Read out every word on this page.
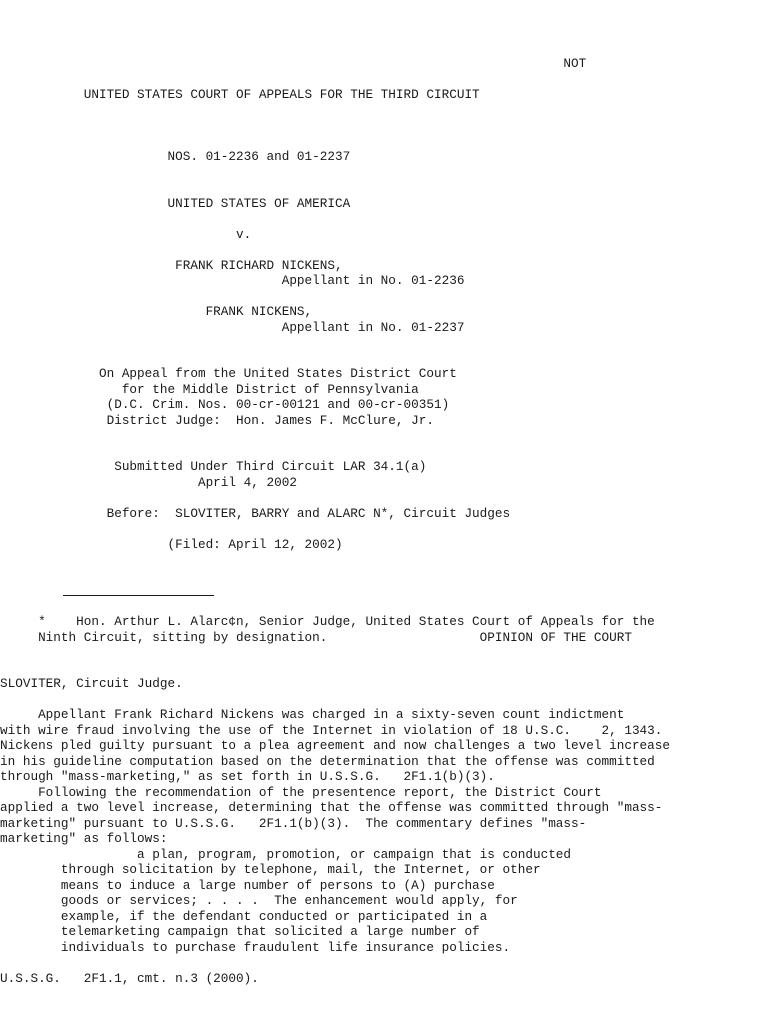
NOT
UNITED STATES COURT OF APPEALS FOR THE THIRD CIRCUIT
NOS. 01-2236 and 01-2237
UNITED STATES OF AMERICA
v.
FRANK RICHARD NICKENS,
Appellant in No. 01-2236
FRANK NICKENS,
Appellant in No. 01-2237
On Appeal from the United States District Court
for the Middle District of Pennsylvania
(D.C. Crim. Nos. 00-cr-00121 and 00-cr-00351)
District Judge:  Hon. James F. McClure, Jr.
Submitted Under Third Circuit LAR 34.1(a)
April 4, 2002
Before:  SLOVITER, BARRY and ALARC N*, Circuit Judges
(Filed: April 12, 2002)
*    Hon. Arthur L. Alarc¢n, Senior Judge, United States Court of Appeals for the
Ninth Circuit, sitting by designation.                    OPINION OF THE COURT
SLOVITER, Circuit Judge.
Appellant Frank Richard Nickens was charged in a sixty-seven count indictment
with wire fraud involving the use of the Internet in violation of 18 U.S.C.    2, 1343.
Nickens pled guilty pursuant to a plea agreement and now challenges a two level increase
in his guideline computation based on the determination that the offense was committed
through "mass-marketing," as set forth in U.S.S.G.   2F1.1(b)(3).
Following the recommendation of the presentence report, the District Court
applied a two level increase, determining that the offense was committed through "mass-
marketing" pursuant to U.S.S.G.   2F1.1(b)(3).  The commentary defines "mass-
marketing" as follows:
a plan, program, promotion, or campaign that is conducted
through solicitation by telephone, mail, the Internet, or other
means to induce a large number of persons to (A) purchase
goods or services; . . . .  The enhancement would apply, for
example, if the defendant conducted or participated in a
telemarketing campaign that solicited a large number of
individuals to purchase fraudulent life insurance policies.
U.S.S.G.   2F1.1, cmt. n.3 (2000).
